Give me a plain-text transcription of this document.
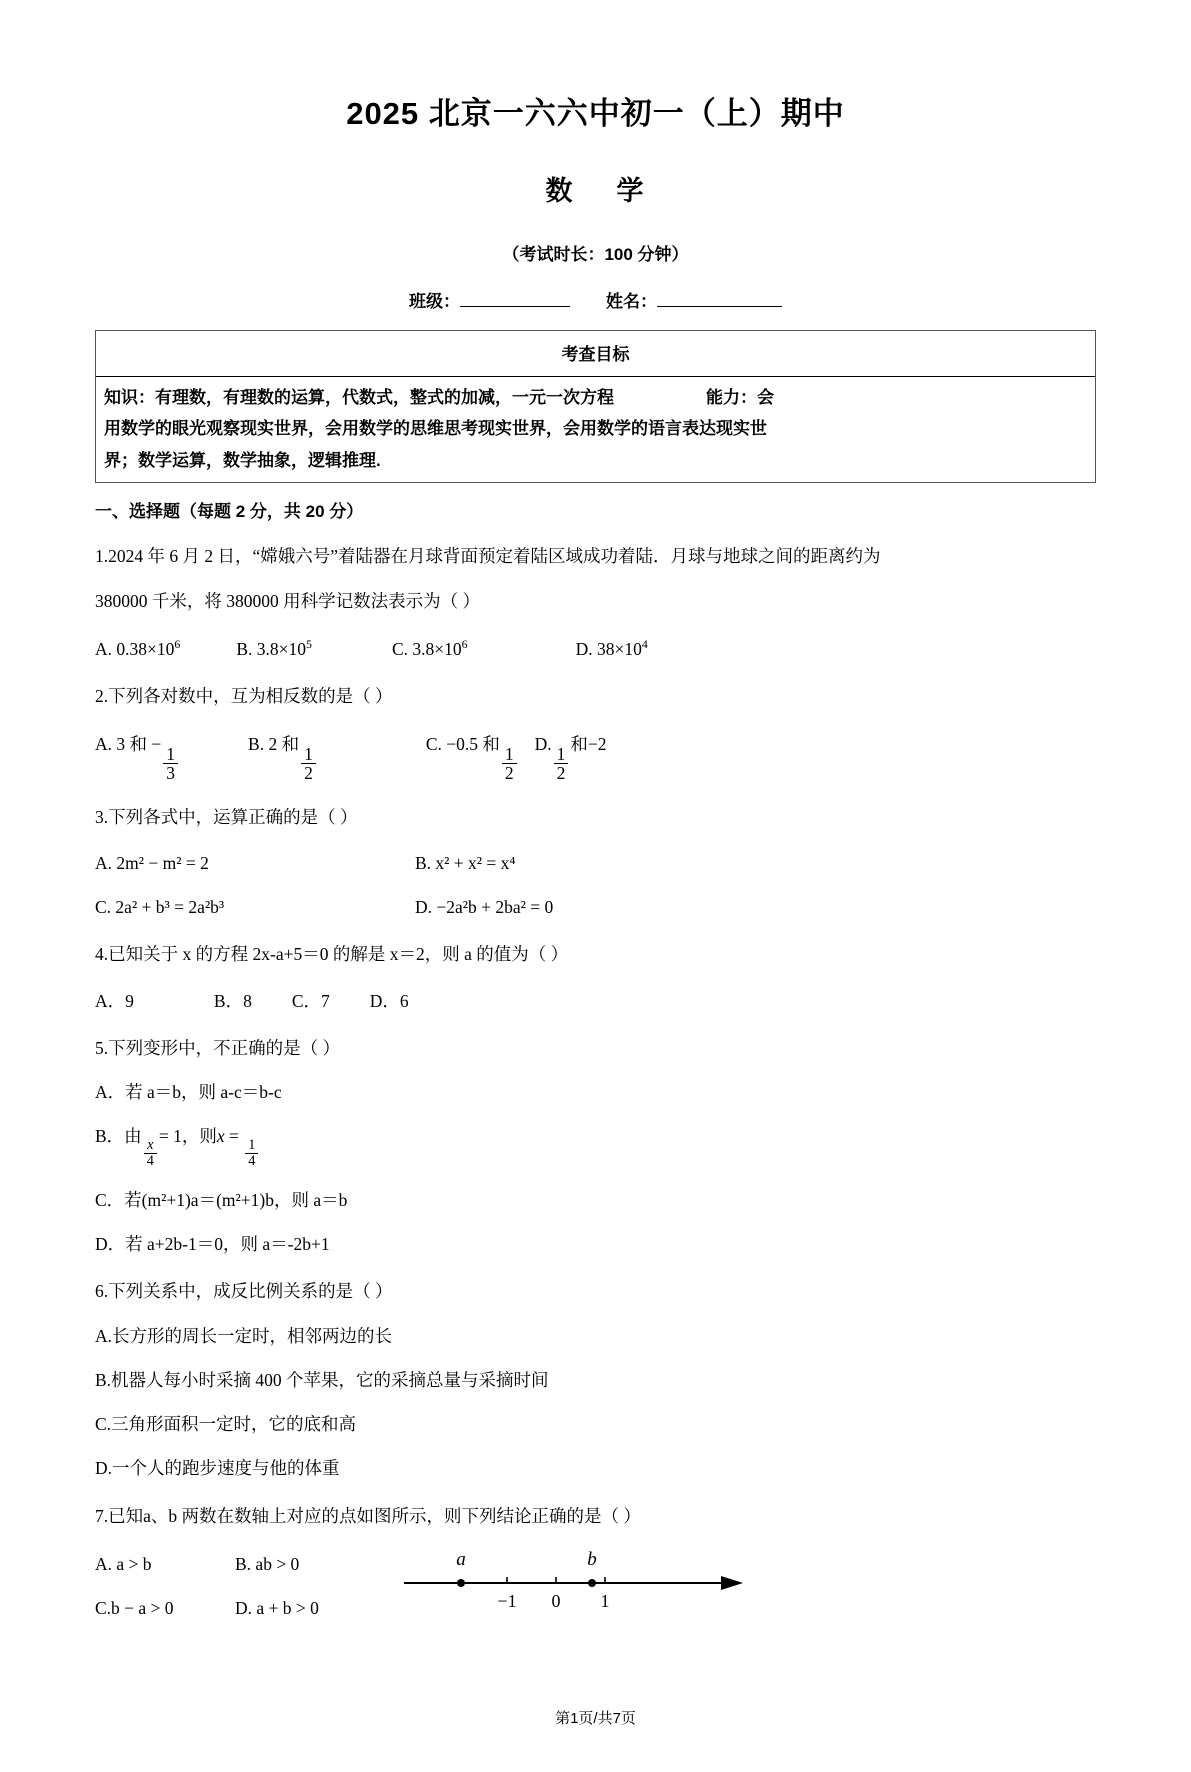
2025 北京一六六中初一（上）期中
数 学
（考试时长：100 分钟）
班级：	姓名：
考查目标
知识：有理数，有理数的运算，代数式，整式的加减，一元一次方程	能力：会
用数学的眼光观察现实世界，会用数学的思维思考现实世界，会用数学的语言表达现实世
界；数学运算，数学抽象，逻辑推理.
一、选择题（每题 2 分，共 20 分）
1.2024 年 6 月 2 日，“嫦娥六号”着陆器在月球背面预定着陆区域成功着陆．月球与地球之间的距离约为
380000 千米，将 380000 用科学记数法表示为（ ）
A. $0.38\times 10^6$	B. $3.8\times 10^5$	C. $3.8\times 10^6$	D. $38\times 10^4$
2.下列各对数中，互为相反数的是（ ）
A. 3 和 −
$\frac{1}{3}$
B. 2 和
$\frac{1}{2}$
C. −0.5 和
$\frac{1}{2}$
D.
$\frac{1}{2}$
和−2
3.下列各式中，运算正确的是（ ）
A. 2m² − m² = 2	B. x² + x² = x⁴
C. 2a² + b³ = 2a²b³	D. −2a²b + 2ba² = 0
4.已知关于 x 的方程 2x‑a+5＝0 的解是 x＝2，则 a 的值为（ ）
A．9	B．8 C．7 D．6
5.下列变形中，不正确的是（ ）
A．若 a＝b，则 a‑c＝b‑c
B．由
$\frac{x}{4}$
= 1，则x =
$\frac{1}{4}$
C．若(m²+1)a＝(m²+1)b，则 a＝b
D．若 a+2b‑1＝0，则 a＝‑2b+1
6.下列关系中，成反比例关系的是（ ）
A.长方形的周长一定时，相邻两边的长
B.机器人每小时采摘 400 个苹果，它的采摘总量与采摘时间
C.三角形面积一定时，它的底和高
D.一个人的跑步速度与他的体重
7.已知a、b 两数在数轴上对应的点如图所示，则下列结论正确的是（ ）
A. a > b	B. ab > 0
C.b − a > 0	D. a + b > 0
a	b
−1 0 1
第1页/共7页
